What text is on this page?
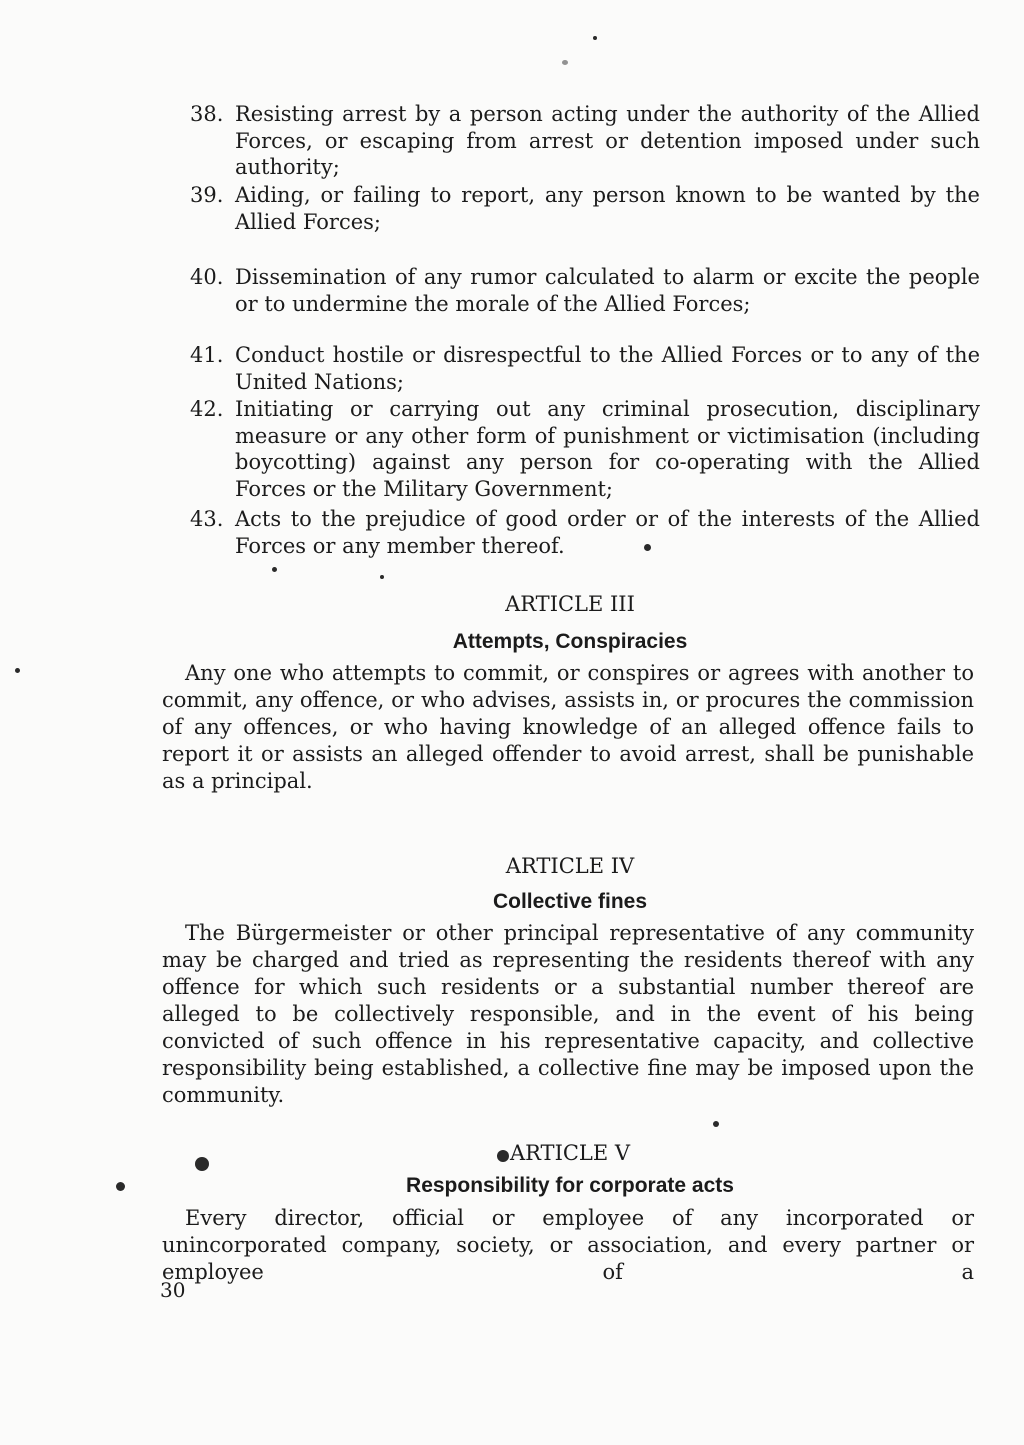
38. Resisting arrest by a person acting under the authority of the Allied Forces, or escaping from arrest or detention imposed under such authority;
39. Aiding, or failing to report, any person known to be wanted by the Allied Forces;
40. Dissemination of any rumor calculated to alarm or excite the people or to undermine the morale of the Allied Forces;
41. Conduct hostile or disrespectful to the Allied Forces or to any of the United Nations;
42. Initiating or carrying out any criminal prosecution, disciplinary measure or any other form of punishment or victimisation (including boycotting) against any person for co-operating with the Allied Forces or the Military Government;
43. Acts to the prejudice of good order or of the interests of the Allied Forces or any member thereof.
ARTICLE III
Attempts, Conspiracies
Any one who attempts to commit, or conspires or agrees with another to commit, any offence, or who advises, assists in, or procures the commission of any offences, or who having knowledge of an alleged offence fails to report it or assists an alleged offender to avoid arrest, shall be punishable as a principal.
ARTICLE IV
Collective fines
The Bürgermeister or other principal representative of any community may be charged and tried as representing the residents thereof with any offence for which such residents or a substantial number thereof are alleged to be collectively responsible, and in the event of his being convicted of such offence in his representative capacity, and collective responsibility being established, a collective fine may be imposed upon the community.
ARTICLE V
Responsibility for corporate acts
Every director, official or employee of any incorporated or unincorporated company, society, or association, and every partner or employee of a
30
